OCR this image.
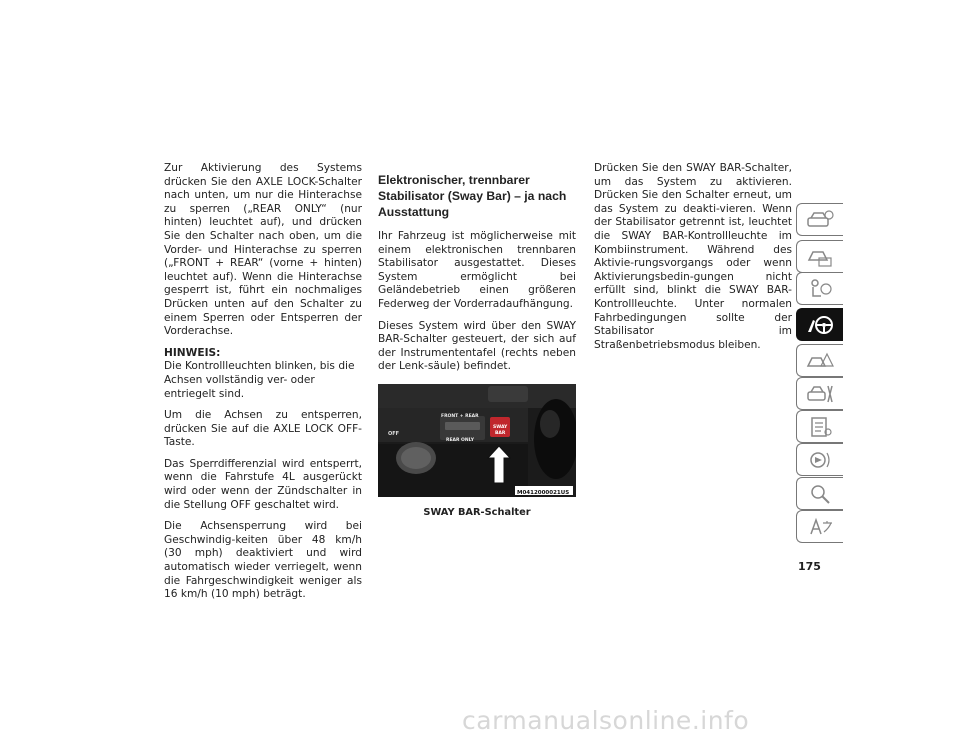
Zur Aktivierung des Systems drücken Sie den AXLE LOCK-Schalter nach unten, um nur die Hinterachse zu sperren („REAR ONLY“ (nur hinten) leuchtet auf), und drücken Sie den Schalter nach oben, um die Vorder- und Hinterachse zu sperren („FRONT + REAR“ (vorne + hinten) leuchtet auf). Wenn die Hinterachse gesperrt ist, führt ein nochmaliges Drücken unten auf den Schalter zu einem Sperren oder Entsperren der Vorderachse.

HINWEIS:
Die Kontrollleuchten blinken, bis die Achsen vollständig ver- oder entriegelt sind.

Um die Achsen zu entsperren, drücken Sie auf die AXLE LOCK OFF-Taste.

Das Sperrdifferenzial wird entsperrt, wenn die Fahrstufe 4L ausgerückt wird oder wenn der Zündschalter in die Stellung OFF geschaltet wird.

Die Achsensperrung wird bei Geschwindig-keiten über 48 km/h (30 mph) deaktiviert und wird automatisch wieder verriegelt, wenn die Fahrgeschwindigkeit weniger als 16 km/h (10 mph) beträgt.

Elektronischer, trennbarer Stabilisator (Sway Bar) – ja nach Ausstattung

Ihr Fahrzeug ist möglicherweise mit einem elektronischen trennbaren Stabilisator ausgestattet. Dieses System ermöglicht bei Geländebetrieb einen größeren Federweg der Vorderradaufhängung.

Dieses System wird über den SWAY BAR-Schalter gesteuert, der sich auf der Instrumententafel (rechts neben der Lenk-säule) befindet.

OFF
FRONT + REAR
REAR ONLY
SWAY
BAR
M0412000021US
SWAY BAR-Schalter

Drücken Sie den SWAY BAR-Schalter, um das System zu aktivieren. Drücken Sie den Schalter erneut, um das System zu deakti-vieren. Wenn der Stabilisator getrennt ist, leuchtet die SWAY BAR-Kontrollleuchte im Kombiinstrument. Während des Aktivie-rungsvorgangs oder wenn Aktivierungsbedin-gungen nicht erfüllt sind, blinkt die SWAY BAR-Kontrollleuchte. Unter normalen Fahrbedingungen sollte der Stabilisator im Straßenbetriebsmodus bleiben.

175
carmanualsonline.info
